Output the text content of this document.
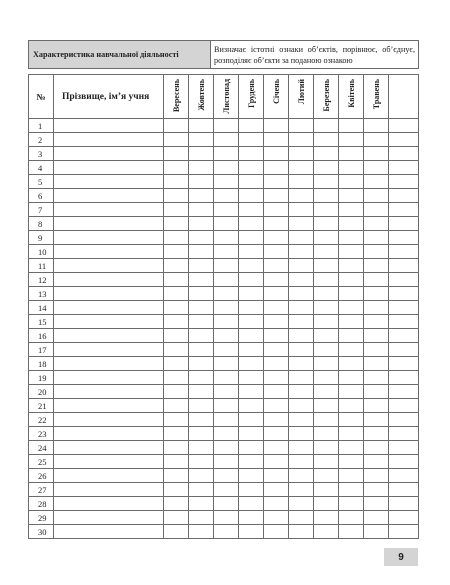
Характеристика навчальної діяльності	Визначає істотні ознаки об’єктів, порівнює, об’єднує, розподіляє об’єкти за поданою ознакою
№	Прізвище, ім’я учня	Вересень	Жовтень	Листопад	Грудень	Січень	Лютий	Березень	Квітень	Травень	

1											
2											
3											
4											
5											
6											
7											
8											
9											
10											
11											
12											
13											
14											
15											
16											
17											
18											
19											
20											
21											
22											
23											
24											
25											
26											
27											
28											
29											
30											
9
